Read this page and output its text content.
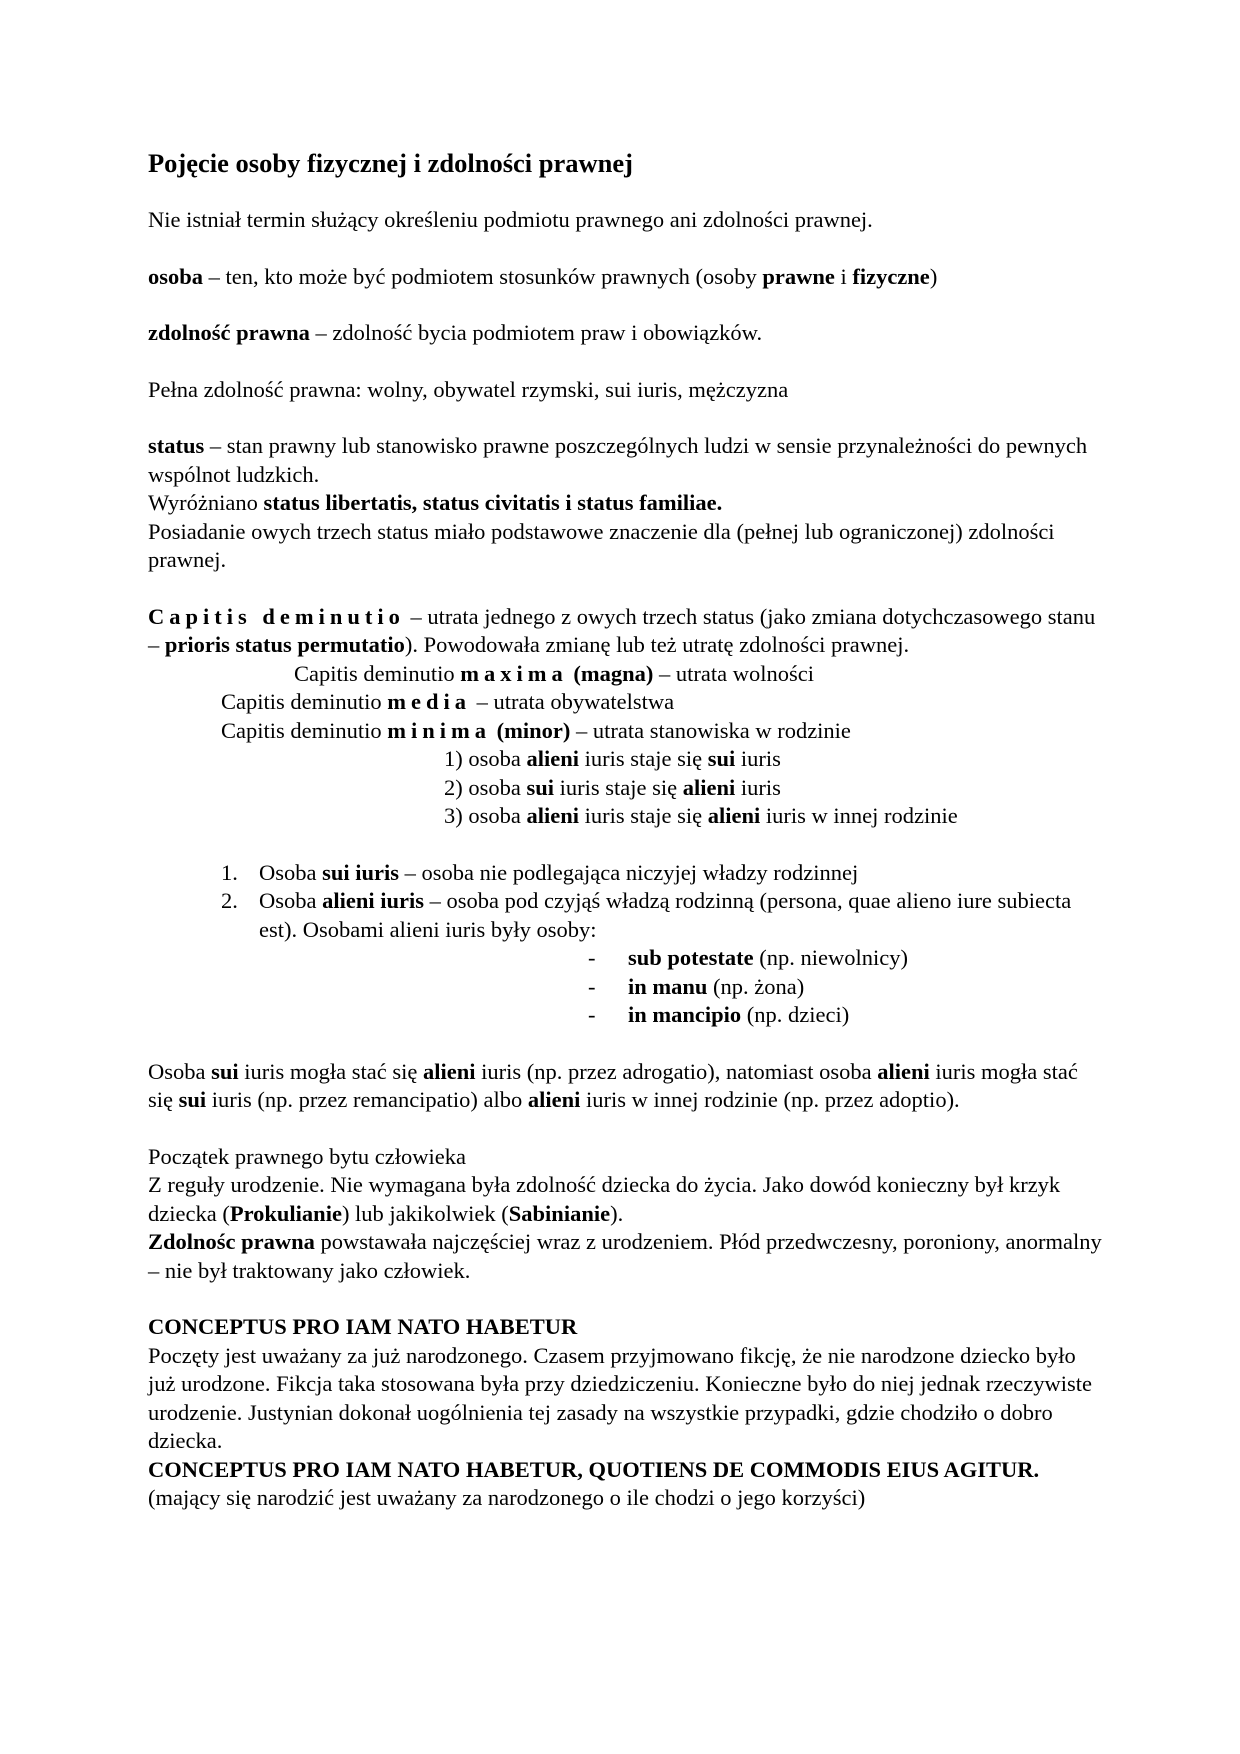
Pojęcie osoby fizycznej i zdolności prawnej

Nie istniał termin służący określeniu podmiotu prawnego ani zdolności prawnej.

osoba – ten, kto może być podmiotem stosunków prawnych (osoby prawne i fizyczne)

zdolność prawna – zdolność bycia podmiotem praw i obowiązków.

Pełna zdolność prawna: wolny, obywatel rzymski, sui iuris, mężczyzna

status – stan prawny lub stanowisko prawne poszczególnych ludzi w sensie przynależności do pewnych wspólnot ludzkich.

Wyróżniano status libertatis, status civitatis i status familiae.

Posiadanie owych trzech status miało podstawowe znaczenie dla (pełnej lub ograniczonej) zdolności prawnej.

Capitis deminutio – utrata jednego z owych trzech status (jako zmiana dotychczasowego stanu – prioris status permutatio). Powodowała zmianę lub też utratę zdolności prawnej.

Capitis deminutio maxima (magna) – utrata wolności

Capitis deminutio media – utrata obywatelstwa

Capitis deminutio minima (minor) – utrata stanowiska w rodzinie

1) osoba alieni iuris staje się sui iuris

2) osoba sui iuris staje się alieni iuris

3) osoba alieni iuris staje się alieni iuris w innej rodzinie

1. Osoba sui iuris – osoba nie podlegająca niczyjej władzy rodzinnej
2. Osoba alieni iuris – osoba pod czyjąś władzą rodzinną (persona, quae alieno iure subiecta est). Osobami alieni iuris były osoby:
-	sub potestate (np. niewolnicy)
-	in manu (np. żona)
-	in mancipio (np. dzieci)

Osoba sui iuris mogła stać się alieni iuris (np. przez adrogatio), natomiast osoba alieni iuris mogła stać się sui iuris (np. przez remancipatio) albo alieni iuris w innej rodzinie (np. przez adoptio).

Początek prawnego bytu człowieka

Z reguły urodzenie. Nie wymagana była zdolność dziecka do życia. Jako dowód konieczny był krzyk dziecka (Prokulianie) lub jakikolwiek (Sabinianie).

Zdolnośc prawna powstawała najczęściej wraz z urodzeniem. Płód przedwczesny, poroniony, anormalny – nie był traktowany jako człowiek.

CONCEPTUS PRO IAM NATO HABETUR

Poczęty jest uważany za już narodzonego. Czasem przyjmowano fikcję, że nie narodzone dziecko było już urodzone. Fikcja taka stosowana była przy dziedziczeniu. Konieczne było do niej jednak rzeczywiste urodzenie. Justynian dokonał uogólnienia tej zasady na wszystkie przypadki, gdzie chodziło o dobro dziecka.

CONCEPTUS PRO IAM NATO HABETUR, QUOTIENS DE COMMODIS EIUS AGITUR.

(mający się narodzić jest uważany za narodzonego o ile chodzi o jego korzyści)
